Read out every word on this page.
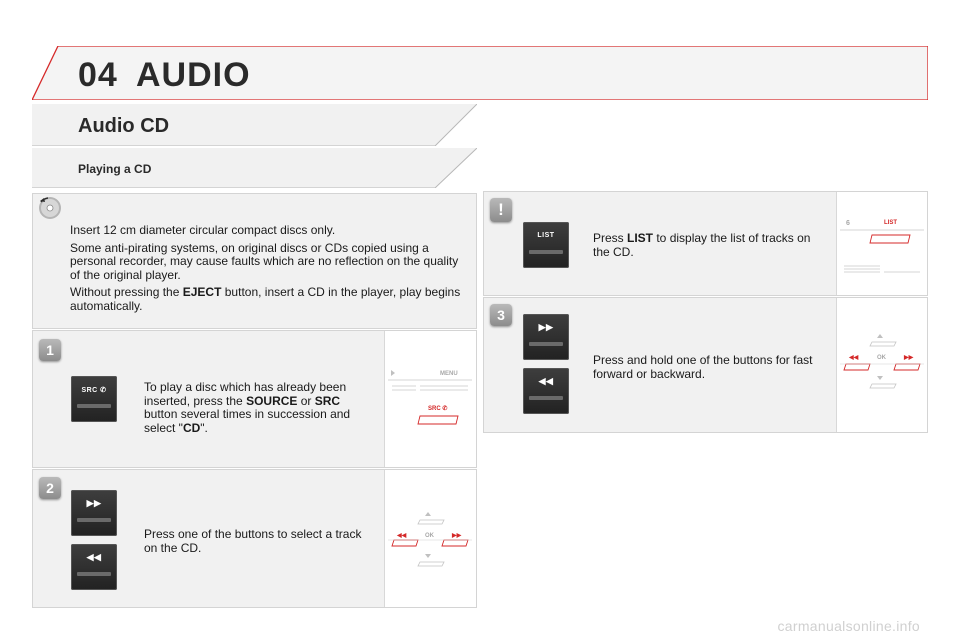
04 AUDIO
Audio CD
Playing a CD

Insert 12 cm diameter circular compact discs only.

Some anti-pirating systems, on original discs or CDs copied using a personal recorder, may cause faults which are no reflection on the quality of the original player.

Without pressing the EJECT button, insert a CD in the player, play begins automatically.

1
SRC ✆	To play a disc which has already been inserted, press the SOURCE or SRC button several times in succession and select "CD".
MENU
SRC ✆
2
▶▶
◀◀
Press one of the buttons to select a track on the CD.
◀◀	▶▶
OK
!
LIST	Press LIST to display the list of tracks on the CD.
6	LIST
3
▶▶
◀◀
Press and hold one of the buttons for fast forward or backward.
◀◀	▶▶
OK
carmanualsonline.info
